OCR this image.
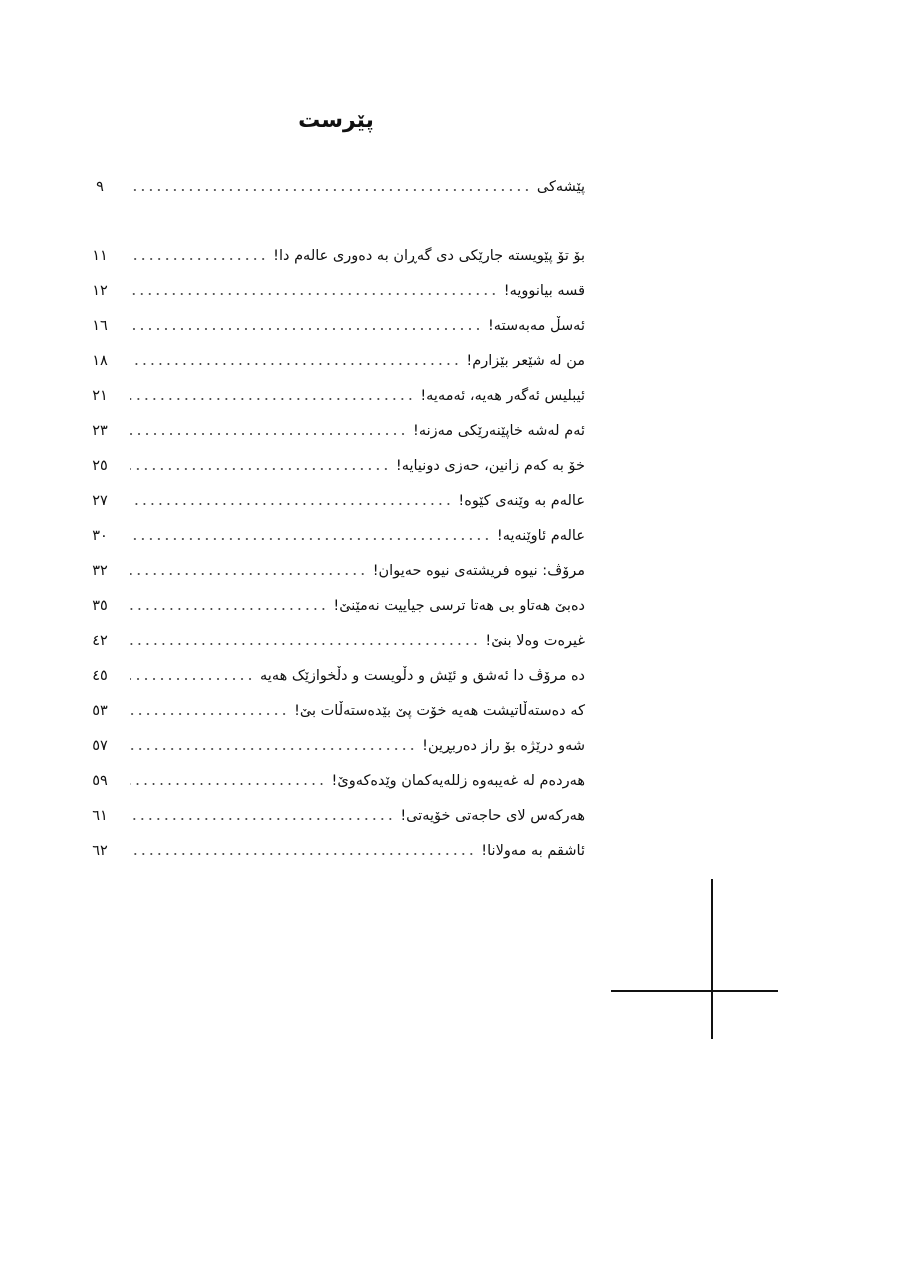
پێرست
پێشەکی
٩
بۆ تۆ پێویستە جارێکی دی گەڕان بە دەوری عالەم دا!
١١
قسە بیانوویە!
١٢
ئەسڵ مەبەستە!
١٦
من لە شێعر بێزارم!
١٨
ئیبلیس ئەگەر هەیە، ئەمەیە!
٢١
ئەم لەشە خاپێنەرێکی مەزنە!
٢٣
خۆ بە کەم زانین، حەزی دونیایە!
٢٥
عالەم بە وێنەی کێوە!
٢٧
عالەم ئاوێنەیە!
٣٠
مرۆڤ: نیوە فریشتەی نیوە حەیوان!
٣٢
دەبێ هەتاو بی هەتا ترسی جیاییت نەمێنێ!
٣٥
غیرەت وەلا بنێ!
٤٢
دە مرۆڤ دا ئەشق و ئێش و دڵویست و دڵخوازێک هەیە
٤٥
کە دەستەڵاتیشت هەیە خۆت پێ بێدەستەڵات بێ!
٥٣
شەو درێژە بۆ راز دەربڕین!
٥٧
هەردەم لە غەیبەوە زللەیەکمان وێدەکەوێ!
٥٩
هەرکەس لای حاجەتی خۆیەتی!
٦١
ئاشقم بە مەولانا!
٦٢
